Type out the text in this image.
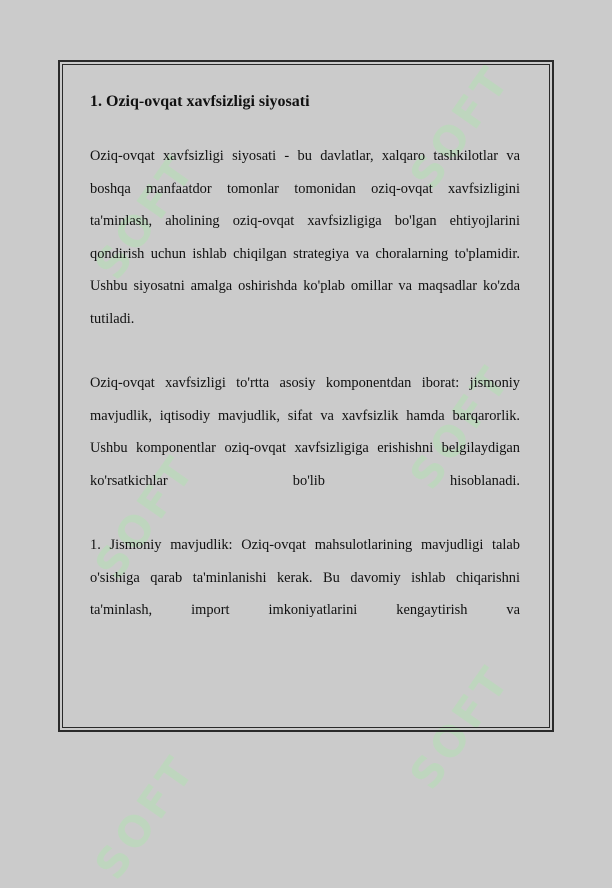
SOFT
SOFT
SOFT
SOFT
SOFT
SOFT
1. Oziq-ovqat xavfsizligi siyosati

Oziq-ovqat xavfsizligi siyosati - bu davlatlar, xalqaro tashkilotlar va boshqa manfaatdor tomonlar tomonidan oziq-ovqat xavfsizligini ta'minlash, aholining oziq-ovqat xavfsizligiga bo'lgan ehtiyojlarini qondirish uchun ishlab chiqilgan strategiya va choralarning to'plamidir. Ushbu siyosatni amalga oshirishda ko'plab omillar va maqsadlar ko'zda tutiladi.

Oziq-ovqat xavfsizligi to'rtta asosiy komponentdan iborat: jismoniy mavjudlik, iqtisodiy mavjudlik, sifat va xavfsizlik hamda barqarorlik. Ushbu komponentlar oziq-ovqat xavfsizligiga erishishni belgilaydigan ko'rsatkichlar bo'lib hisoblanadi.

1. Jismoniy mavjudlik: Oziq-ovqat mahsulotlarining mavjudligi talab o'sishiga qarab ta'minlanishi kerak. Bu davomiy ishlab chiqarishni ta'minlash, import imkoniyatlarini kengaytirish va
